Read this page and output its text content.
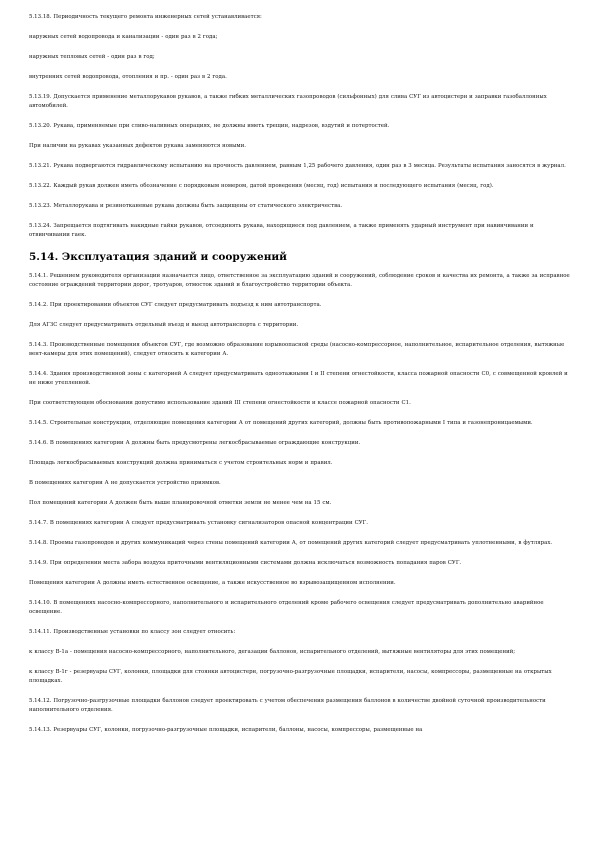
5.13.18. Периодичность текущего ремонта инженерных сетей устанавливается:

наружных сетей водопровода и канализации - один раз в 2 года;

наружных тепловых сетей - один раз в год;

внутренних сетей водопровода, отопления и пр. - один раз в 2 года.

5.13.19. Допускается применение металлорукавов рукавов, а также гибких металлических газопроводов (сильфонных) для слива СУГ из автоцистерн и заправки газобаллонных автомобилей.

5.13.20. Рукава, применяемые при сливо-наливных операциях, не должны иметь трещин, надрезов, вздутий и потертостей.

При наличии на рукавах указанных дефектов рукава заменяются новыми.

5.13.21. Рукава подвергаются гидравлическому испытанию на прочность давлением, равным 1,25 рабочего давления, один раз в 3 месяца. Результаты испытания заносятся в журнал.

5.13.22. Каждый рукав должен иметь обозначение с порядковым номером, датой проведения (месяц, год) испытания и последующего испытания (месяц, год).

5.13.23. Металлорукава и резинотканевые рукава должны быть защищены от статического электричества.

5.13.24. Запрещается подтягивать накидные гайки рукавов, отсоединять рукава, находящиеся под давлением, а также применять ударный инструмент при навинчивании и отвинчивании гаек.

5.14. Эксплуатация зданий и сооружений

5.14.1. Решением руководителя организации назначается лицо, ответственное за эксплуатацию зданий и сооружений, соблюдение сроков и качества их ремонта, а также за исправное состояние ограждений территории дорог, тротуаров, отмосток зданий и благоустройство территории объекта.

5.14.2. При проектировании объектов СУГ следует предусматривать подъезд к ним автотранспорта.

Для АГЗС следует предусматривать отдельный въезд и выезд автотранспорта с территории.

5.14.3. Производственные помещения объектов СУГ, где возможно образование взрывоопасной среды (насосно-компрессорное, наполнительное, испарительное отделения, вытяжные вент-камеры для этих помещений), следует относить к категории А.

5.14.4. Здания производственной зоны с категорией А следует предусматривать одноэтажными I и II степени огнестойкости, класса пожарной опасности С0, с совмещенной кровлей и не ниже утепленной.

При соответствующем обосновании допустимо использование зданий III степени огнестойкости и классе пожарной опасности С1.

5.14.5. Строительные конструкции, отделяющие помещения категории А от помещений других категорий, должны быть противопожарными I типа и газонепроницаемыми.

5.14.6. В помещениях категории А должны быть предусмотрены легкосбрасываемые ограждающие конструкции.

Площадь легкосбрасываемых конструкций должна приниматься с учетом строительных норм и правил.

В помещениях категории А не допускается устройство приямков.

Пол помещений категории А должен быть выше планировочной отметки земли не менее чем на 15 см.

5.14.7. В помещениях категории А следует предусматривать установку сигнализаторов опасной концентрации СУГ.

5.14.8. Проемы газопроводов и других коммуникаций через стены помещений категории А, от помещений других категорий следует предусматривать уплотненными, в футлярах.

5.14.9. При определении места забора воздуха приточными вентиляционными системами должна исключаться возможность попадания паров СУГ.

Помещения категории А должны иметь естественное освещение, а также искусственное во взрывозащищенном исполнении.

5.14.10. В помещениях насосно-компрессорного, наполнительного и испарительного отделений кроме рабочего освещения следует предусматривать дополнительно аварийное освещение.

5.14.11. Производственные установки по классу зон следует относить:

к классу В-1а - помещения насосно-компрессорного, наполнительного, дегазации баллонов, испарительного отделений, вытяжные вентиляторы для этих помещений;

к классу В-1г - резервуары СУГ, колонки, площадки для стоянки автоцистерн, погрузочно-разгрузочные площадки, испарители, насосы, компрессоры, размещенные на открытых площадках.

5.14.12. Погрузочно-разгрузочные площадки баллонов следует проектировать с учетом обеспечения размещения баллонов в количестве двойной суточной производительности наполнительного отделения.

5.14.13. Резервуары СУГ, колонки, погрузочно-разгрузочные площадки, испарители, баллоны, насосы, компрессоры, размещенные на
